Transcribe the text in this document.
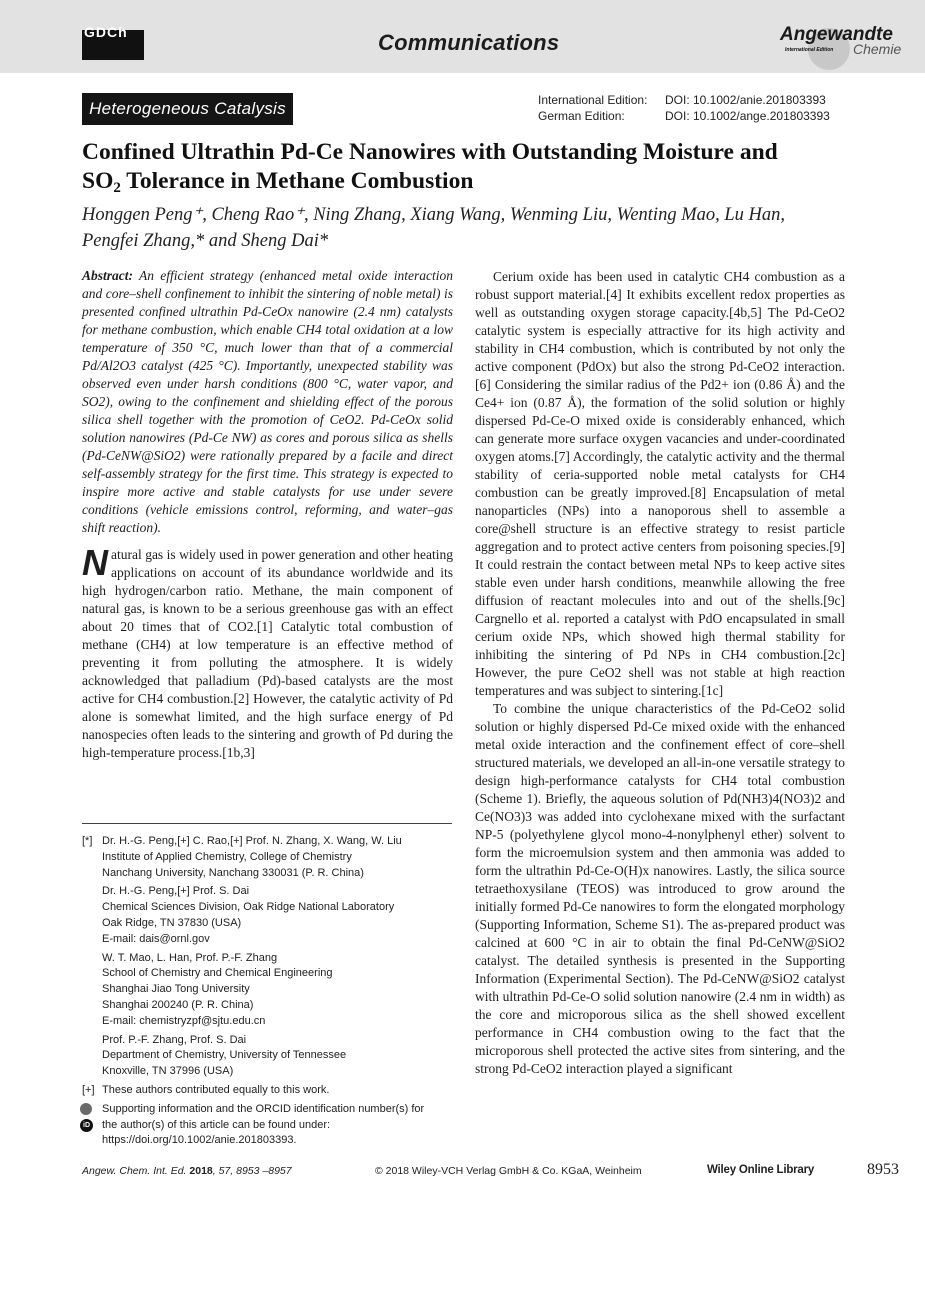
GDCh	Communications	Angewandte
International Edition Chemie
Heterogeneous Catalysis	International Edition: DOI: 10.1002/anie.201803393
German Edition:	DOI: 10.1002/ange.201803393
Confined Ultrathin Pd-Ce Nanowires with Outstanding Moisture and
$SO_2$ Tolerance in Methane Combustion
Honggen Peng⁺, Cheng Rao⁺, Ning Zhang, Xiang Wang, Wenming Liu, Wenting Mao, Lu Han,
Pengfei Zhang,* and Sheng Dai*

Abstract: An efficient strategy (enhanced metal oxide interaction and core–shell confinement to inhibit the sintering of noble metal) is presented confined ultrathin Pd-CeOx nanowire (2.4 nm) catalysts for methane combustion, which enable CH4 total oxidation at a low temperature of 350 °C, much lower than that of a commercial Pd/Al2O3 catalyst (425 °C). Importantly, unexpected stability was observed even under harsh conditions (800 °C, water vapor, and SO2), owing to the confinement and shielding effect of the porous silica shell together with the promotion of CeO2. Pd-CeOx solid solution nanowires (Pd-Ce NW) as cores and porous silica as shells (Pd-CeNW@SiO2) were rationally prepared by a facile and direct self-assembly strategy for the first time. This strategy is expected to inspire more active and stable catalysts for use under severe conditions (vehicle emissions control, reforming, and water–gas shift reaction).

Natural gas is widely used in power generation and other heating applications on account of its abundance worldwide and its high hydrogen/carbon ratio. Methane, the main component of natural gas, is known to be a serious greenhouse gas with an effect about 20 times that of CO2.[1] Catalytic total combustion of methane (CH4) at low temperature is an effective method of preventing it from polluting the atmosphere. It is widely acknowledged that palladium (Pd)-based catalysts are the most active for CH4 combustion.[2] However, the catalytic activity of Pd alone is somewhat limited, and the high surface energy of Pd nanospecies often leads to the sintering and growth of Pd during the high-temperature process.[1b,3]

[*] Dr. H.-G. Peng,[+] C. Rao,[+] Prof. N. Zhang, X. Wang, W. Liu
Institute of Applied Chemistry, College of Chemistry
Nanchang University, Nanchang 330031 (P. R. China)
Dr. H.-G. Peng,[+] Prof. S. Dai
Chemical Sciences Division, Oak Ridge National Laboratory
Oak Ridge, TN 37830 (USA)
E-mail: dais@ornl.gov
W. T. Mao, L. Han, Prof. P.-F. Zhang
School of Chemistry and Chemical Engineering
Shanghai Jiao Tong University
Shanghai 200240 (P. R. China)
E-mail: chemistryzpf@sjtu.edu.cn
Prof. P.-F. Zhang, Prof. S. Dai
Department of Chemistry, University of Tennessee
Knoxville, TN 37996 (USA)
[+] These authors contributed equally to this work.
iD
Supporting information and the ORCID identification number(s) for
the author(s) of this article can be found under:
https://doi.org/10.1002/anie.201803393.

Cerium oxide has been used in catalytic CH4 combustion as a robust support material.[4] It exhibits excellent redox properties as well as outstanding oxygen storage capacity.[4b,5] The Pd-CeO2 catalytic system is especially attractive for its high activity and stability in CH4 combustion, which is contributed by not only the active component (PdOx) but also the strong Pd-CeO2 interaction.[6] Considering the similar radius of the Pd2+ ion (0.86 Å) and the Ce4+ ion (0.87 Å), the formation of the solid solution or highly dispersed Pd-Ce-O mixed oxide is considerably enhanced, which can generate more surface oxygen vacancies and under-coordinated oxygen atoms.[7] Accordingly, the catalytic activity and the thermal stability of ceria-supported noble metal catalysts for CH4 combustion can be greatly improved.[8] Encapsulation of metal nanoparticles (NPs) into a nanoporous shell to assemble a core@shell structure is an effective strategy to resist particle aggregation and to protect active centers from poisoning species.[9] It could restrain the contact between metal NPs to keep active sites stable even under harsh conditions, meanwhile allowing the free diffusion of reactant molecules into and out of the shells.[9c] Cargnello et al. reported a catalyst with PdO encapsulated in small cerium oxide NPs, which showed high thermal stability for inhibiting the sintering of Pd NPs in CH4 combustion.[2c] However, the pure CeO2 shell was not stable at high reaction temperatures and was subject to sintering.[1c]

To combine the unique characteristics of the Pd-CeO2 solid solution or highly dispersed Pd-Ce mixed oxide with the enhanced metal oxide interaction and the confinement effect of core–shell structured materials, we developed an all-in-one versatile strategy to design high-performance catalysts for CH4 total combustion (Scheme 1). Briefly, the aqueous solution of Pd(NH3)4(NO3)2 and Ce(NO3)3 was added into cyclohexane mixed with the surfactant NP-5 (polyethylene glycol mono-4-nonylphenyl ether) solvent to form the microemulsion system and then ammonia was added to form the ultrathin Pd-Ce-O(H)x nanowires. Lastly, the silica source tetraethoxysilane (TEOS) was introduced to grow around the initially formed Pd-Ce nanowires to form the elongated morphology (Supporting Information, Scheme S1). The as-prepared product was calcined at 600 °C in air to obtain the final Pd-CeNW@SiO2 catalyst. The detailed synthesis is presented in the Supporting Information (Experimental Section). The Pd-CeNW@SiO2 catalyst with ultrathin Pd-Ce-O solid solution nanowire (2.4 nm in width) as the core and microporous silica as the shell showed excellent performance in CH4 combustion owing to the fact that the microporous shell protected the active sites from sintering, and the strong Pd-CeO2 interaction played a significant

Angew. Chem. Int. Ed. 2018, 57, 8953 –8957	© 2018 Wiley-VCH Verlag GmbH & Co. KGaA, Weinheim	Wiley Online Library	8953
